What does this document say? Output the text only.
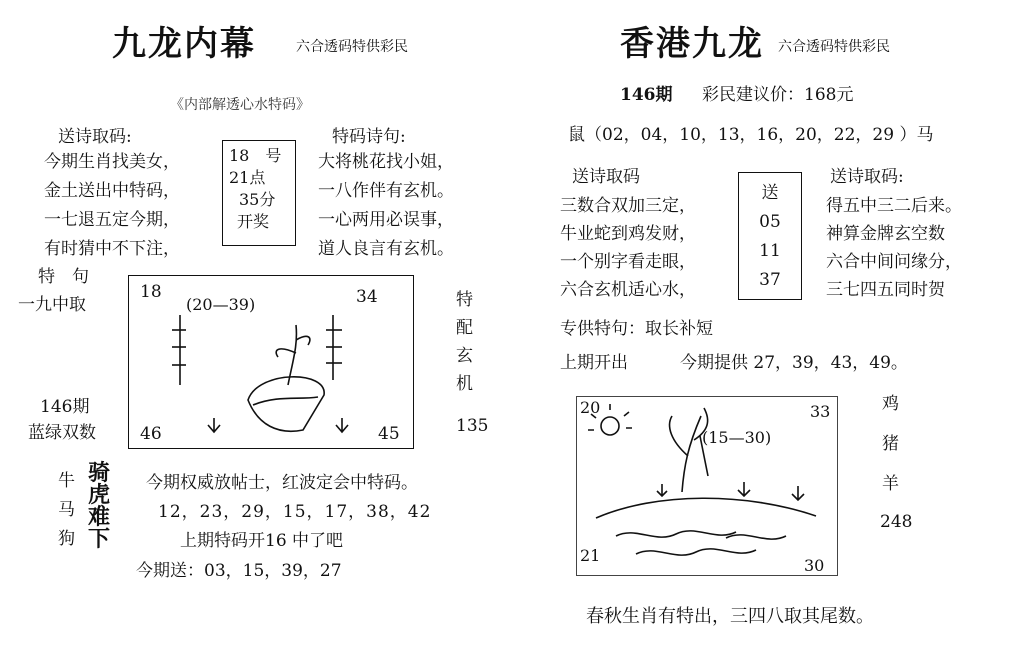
九龙内幕	六合透码特供彩民
《内部解透心水特码》
送诗取码:
今期生肖找美女，
金土送出中特码，
一七退五定今期，
有时猜中不下注，
18　号
21点
35分
开奖
特码诗句:
大将桃花找小姐，
一八作伴有玄机。
一心两用必误事，
道人良言有玄机。
特　句
一九中取
146期
蓝绿双数
18	34
46	45
(20—39)	特
配
玄
机
135
牛
马
狗
骑
虎
难
下
今期权威放帖士，红波定会中特码。
12，23，29，15，17，38，42
上期特码开16 中了吧
今期送：03，15，39，27
香港九龙 六合透码特供彩民
146期 彩民建议价：168元
鼠（02，04，10，13，16，20，22，29 ）马
送诗取码
三数合双加三定，
牛业蛇到鸡发财，
一个别字看走眼，
六合玄机适心水，
送
05
11
37
送诗取码:
得五中三二后来。
神算金牌玄空数
六合中间问缘分，
三七四五同时贺
专供特句：取长补短
上期开出	今期提供 27，39，43，49。
20	33
21
30
(15—30)
鸡
猪
羊
248
春秋生肖有特出，三四八取其尾数。
